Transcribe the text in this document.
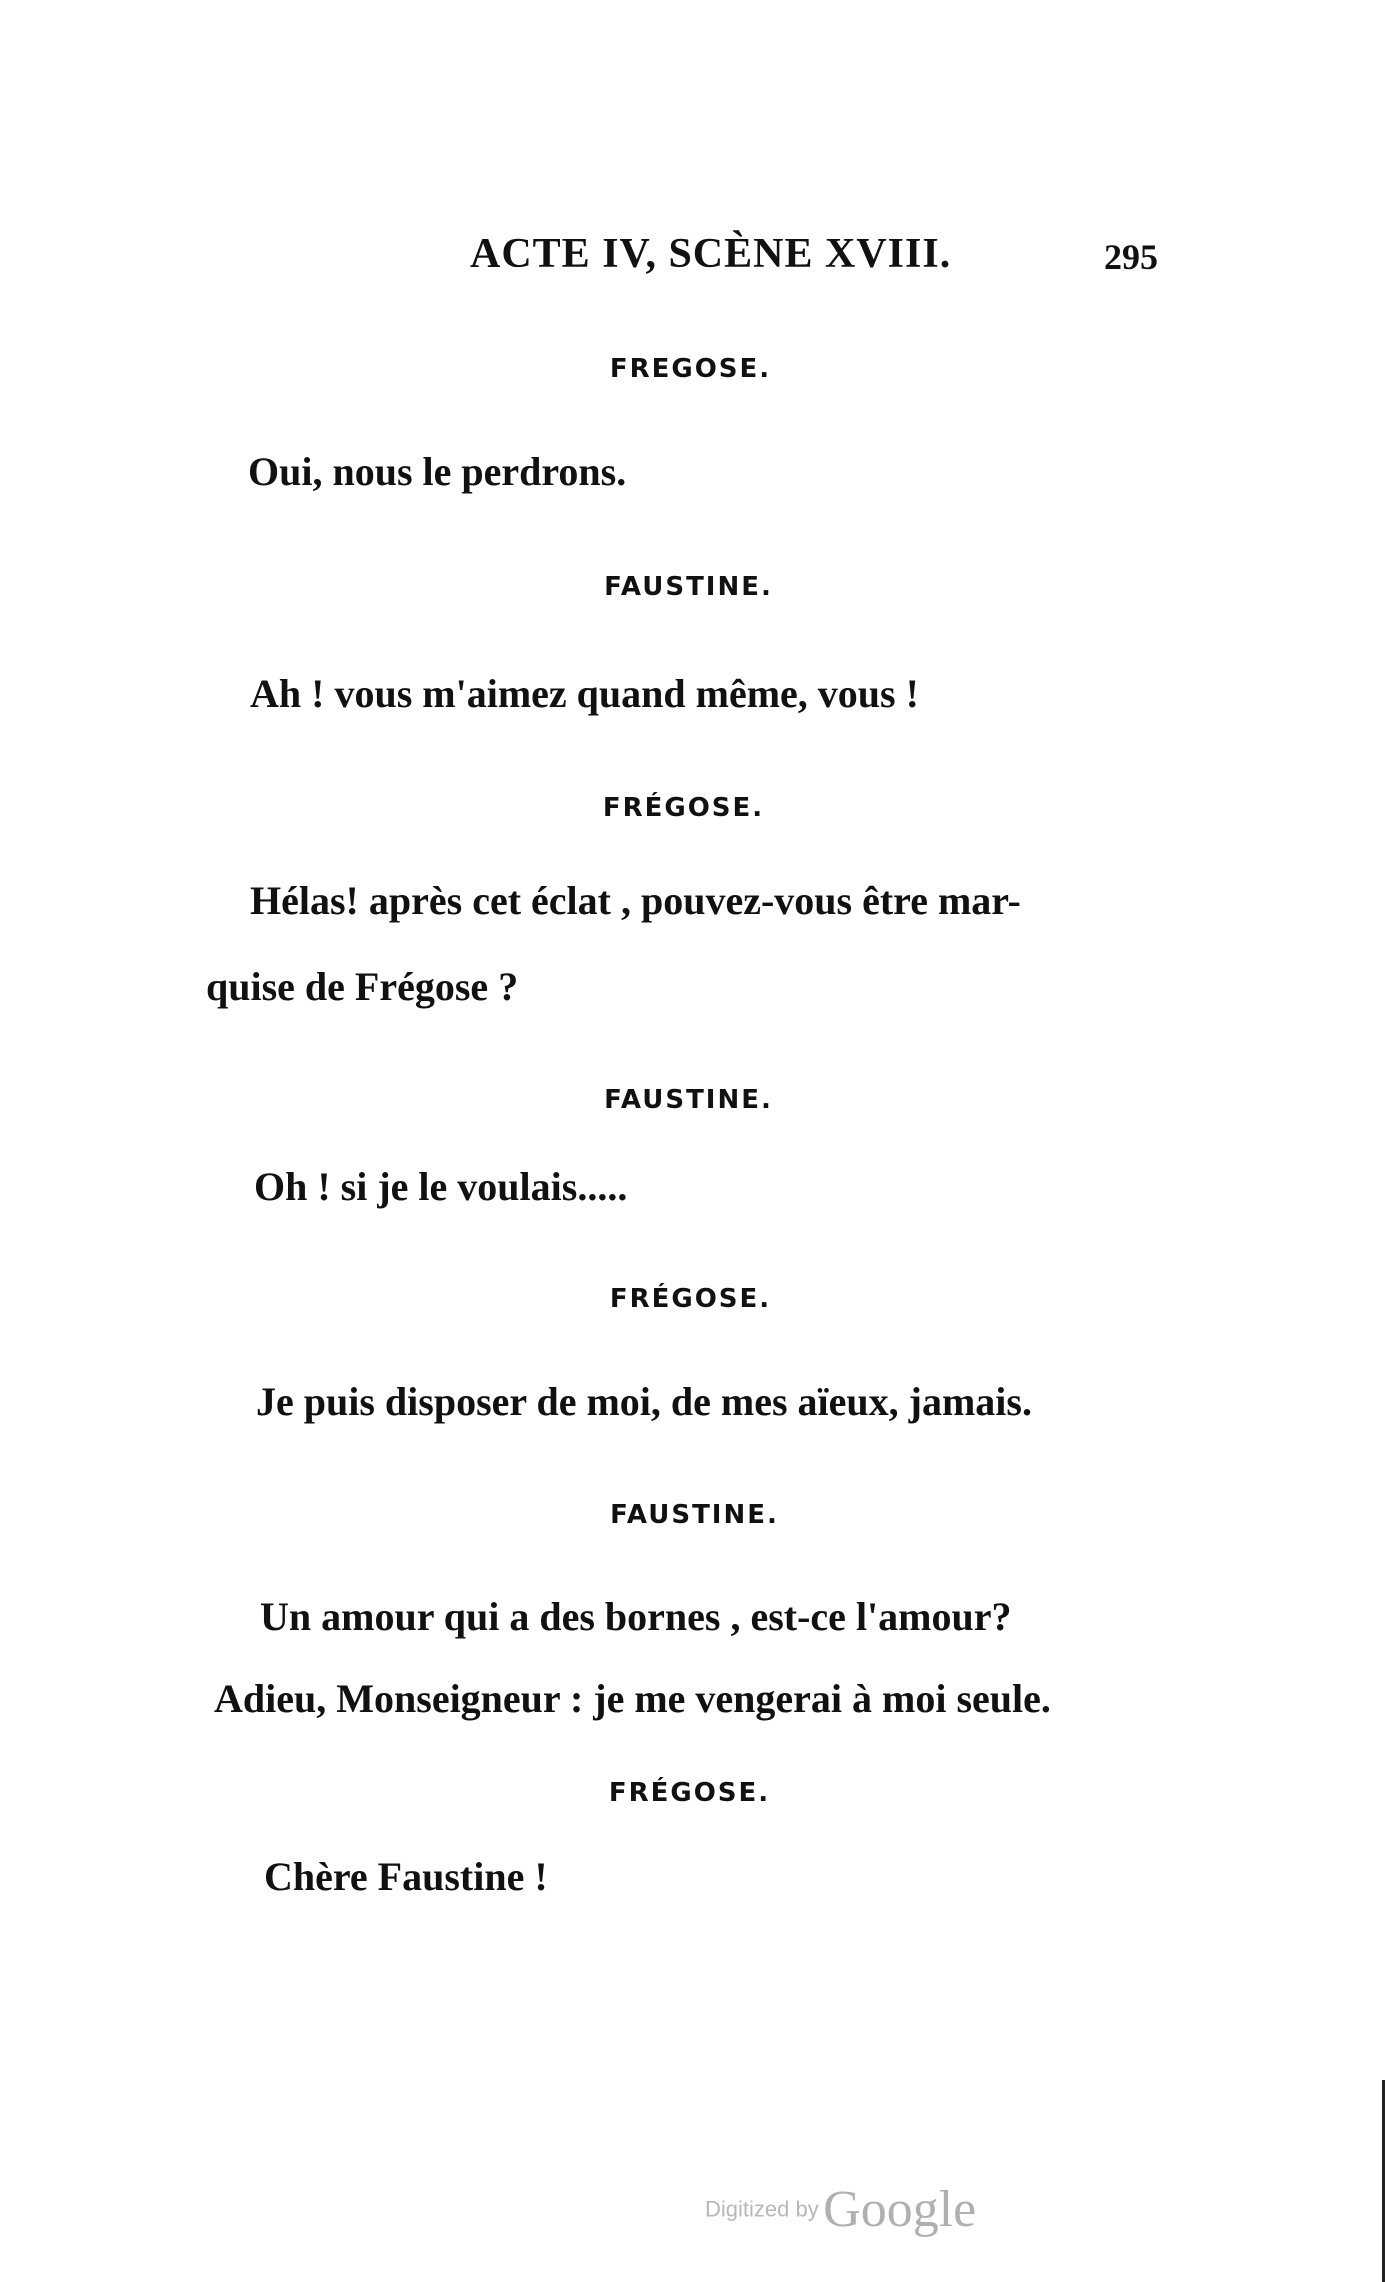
ACTE IV, SCÈNE XVIII.	295
FREGOSE.
Oui, nous le perdrons.
FAUSTINE.
Ah ! vous m'aimez quand même, vous !
FRÉGOSE.
Hélas! après cet éclat , pouvez-vous être mar-
quise de Frégose ?
FAUSTINE.
Oh ! si je le voulais.....
FRÉGOSE.
Je puis disposer de moi, de mes aïeux, jamais.
FAUSTINE.
Un amour qui a des bornes , est-ce l'amour?
Adieu, Monseigneur : je me vengerai à moi seule.
FRÉGOSE.
Chère Faustine !
Digitized by Google
